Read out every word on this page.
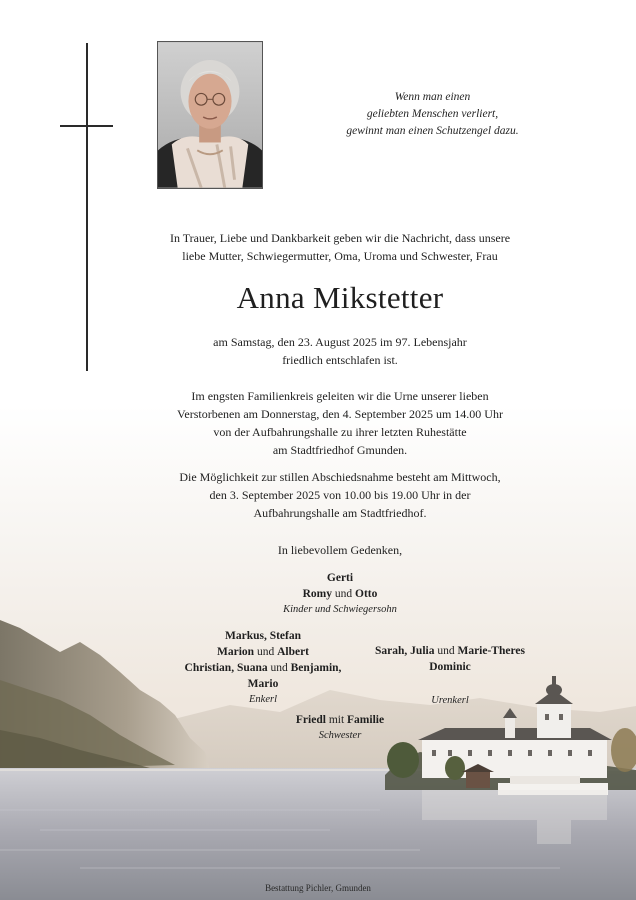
Wenn man einen
geliebten Menschen verliert,
gewinnt man einen Schutzengel dazu.
In Trauer, Liebe und Dankbarkeit geben wir die Nachricht, dass unsere
liebe Mutter, Schwiegermutter, Oma, Uroma und Schwester, Frau
Anna Mikstetter
am Samstag, den 23. August 2025 im 97. Lebensjahr
friedlich entschlafen ist.
Im engsten Familienkreis geleiten wir die Urne unserer lieben
Verstorbenen am Donnerstag, den 4. September 2025 um 14.00 Uhr
von der Aufbahrungshalle zu ihrer letzten Ruhestätte
am Stadtfriedhof Gmunden.
Die Möglichkeit zur stillen Abschiedsnahme besteht am Mittwoch,
den 3. September 2025 von 10.00 bis 19.00 Uhr in der
Aufbahrungshalle am Stadtfriedhof.
In liebevollem Gedenken,
Gerti
Romy und Otto
Kinder und Schwiegersohn
Markus, Stefan
Marion und Albert
Christian, Suana und Benjamin,
Mario
Enkerl
Sarah, Julia und Marie-Theres
Dominic
Urenkerl
Friedl mit Familie
Schwester
Bestattung Pichler, Gmunden
